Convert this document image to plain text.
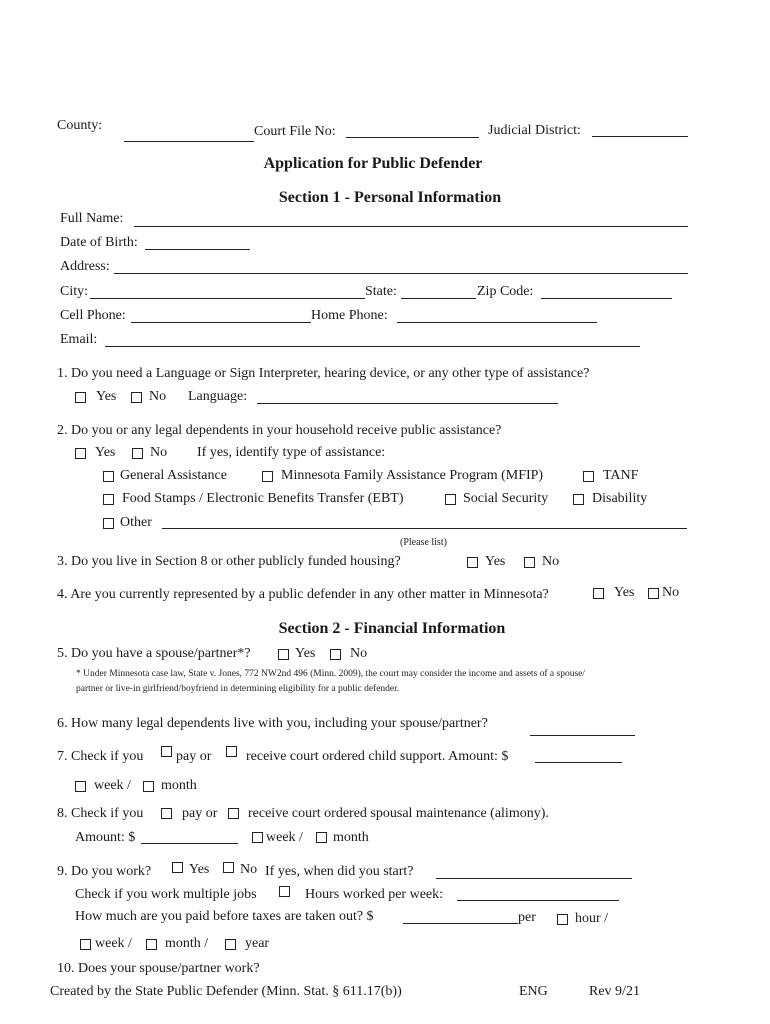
County:	Court File No:	Judicial District:
Application for Public Defender
Section 1 - Personal Information
Full Name:
Date of Birth:
Address:
City:	State:	Zip Code:
Cell Phone:	Home Phone:
Email:
1. Do you need a Language or Sign Interpreter, hearing device, or any other type of assistance?
Yes No Language:
2. Do you or any legal dependents in your household receive public assistance?
Yes No If yes, identify type of assistance:
General Assistance	Minnesota Family Assistance Program (MFIP)	TANF
Food Stamps / Electronic Benefits Transfer (EBT)	Social Security	Disability
Other
(Please list)
3. Do you live in Section 8 or other publicly funded housing?	Yes	No
4. Are you currently represented by a public defender in any other matter in Minnesota?	Yes No
Section 2 - Financial Information
5. Do you have a spouse/partner*?	Yes No
* Under Minnesota case law, State v. Jones, 772 NW2nd 496 (Minn. 2009), the court may consider the income and assets of a spouse/
partner or live-in girlfriend/boyfriend in determining eligibility for a public defender.
6. How many legal dependents live with you, including your spouse/partner?
7. Check if you pay or receive court ordered child support. Amount: $
week / month
8. Check if you	pay or receive court ordered spousal maintenance (alimony).
Amount: $	week / month
9. Do you work?	Yes No If yes, when did you start?
Check if you work multiple jobs	Hours worked per week:
How much are you paid before taxes are taken out? $	per	hour /
week / month /	year
10. Does your spouse/partner work?
Created by the State Public Defender (Minn. Stat. § 611.17(b))	ENG	Rev 9/21
